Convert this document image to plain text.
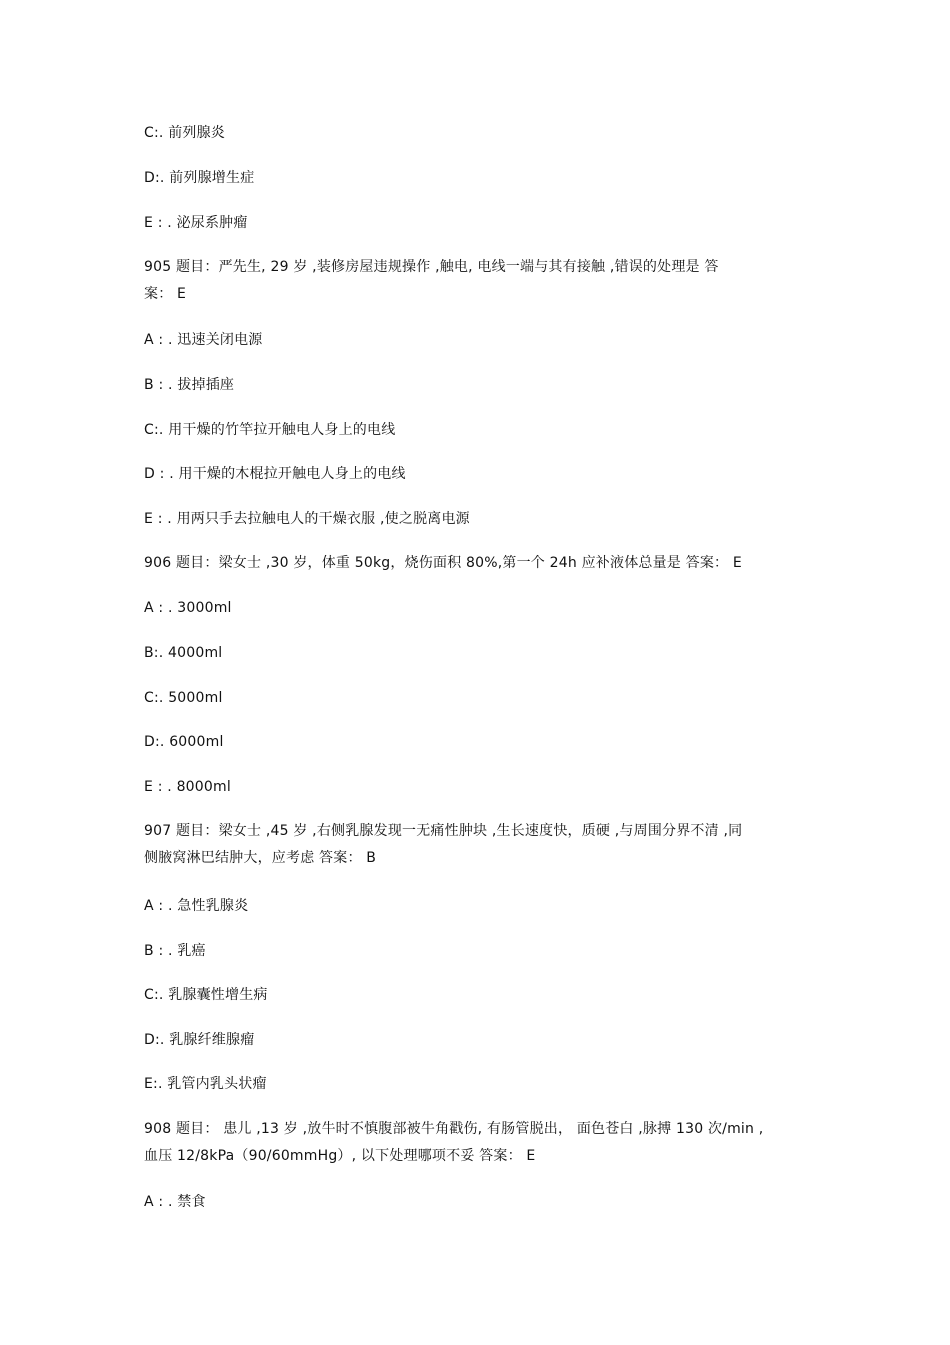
C:. 前列腺炎
D:. 前列腺增生症
E : . 泌尿系肿瘤
905 题目：严先生, 29 岁 ,装修房屋违规操作 ,触电, 电线一端与其有接触 ,错误的处理是 答
案： E
A : . 迅速关闭电源
B : . 拔掉插座
C:. 用干燥的竹竿拉开触电人身上的电线
D : . 用干燥的木棍拉开触电人身上的电线
E : . 用两只手去拉触电人的干燥衣服 ,使之脱离电源
906 题目：梁女士 ,30 岁，体重 50kg，烧伤面积 80%,第一个 24h 应补液体总量是 答案： E
A : . 3000ml
B:. 4000ml
C:. 5000ml
D:. 6000ml
E : . 8000ml
907 题目：梁女士 ,45 岁 ,右侧乳腺发现一无痛性肿块 ,生长速度快，质硬 ,与周围分界不清 ,同
侧腋窝淋巴结肿大，应考虑 答案： B
A : . 急性乳腺炎
B : . 乳癌
C:. 乳腺囊性增生病
D:. 乳腺纤维腺瘤
E:. 乳管内乳头状瘤
908 题目： 患儿 ,13 岁 ,放牛时不慎腹部被牛角戳伤, 有肠管脱出， 面色苍白 ,脉搏 130 次/min ,
血压 12/8kPa（90/60mmHg）, 以下处理哪项不妥 答案： E
A : . 禁食
